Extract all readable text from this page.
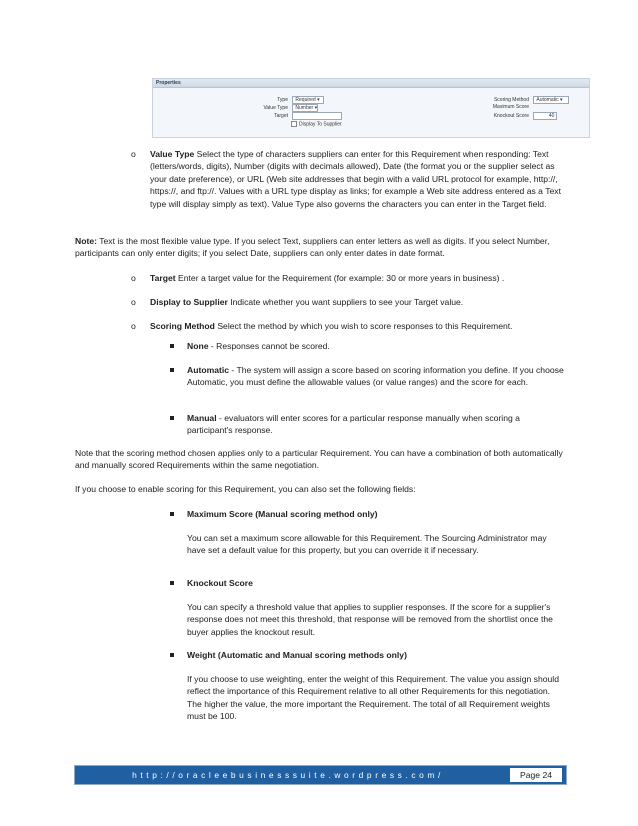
Properties
Type Required ▾
Value Type Number ▾
Target
Display To Supplier
Scoring Method Automatic ▾
Maximum Score
Knockout Score	40
o Value Type Select the type of characters suppliers can enter for this Requirement when responding: Text (letters/words, digits), Number (digits with decimals allowed), Date (the format you or the supplier select as your date preference), or URL (Web site addresses that begin with a valid URL protocol for example, http://, https://, and ftp://. Values with a URL type display as links; for example a Web site address entered as a Text type will display simply as text). Value Type also governs the characters you can enter in the Target field.
Note: Text is the most flexible value type. If you select Text, suppliers can enter letters as well as digits. If you select Number, participants can only enter digits; if you select Date, suppliers can only enter dates in date format.
o Target Enter a target value for the Requirement (for example: 30 or more years in business) .
o Display to Supplier Indicate whether you want suppliers to see your Target value.
o Scoring Method Select the method by which you wish to score responses to this Requirement.
None - Responses cannot be scored.
Automatic - The system will assign a score based on scoring information you define. If you choose Automatic, you must define the allowable values (or value ranges) and the score for each.
Manual - evaluators will enter scores for a particular response manually when scoring a participant's response.
Note that the scoring method chosen applies only to a particular Requirement. You can have a combination of both automatically and manually scored Requirements within the same negotiation.
If you choose to enable scoring for this Requirement, you can also set the following fields:
Maximum Score (Manual scoring method only)
You can set a maximum score allowable for this Requirement. The Sourcing Administrator may have set a default value for this property, but you can override it if necessary.
Knockout Score
You can specify a threshold value that applies to supplier responses. If the score for a supplier's response does not meet this threshold, that response will be removed from the shortlist once the buyer applies the knockout result.
Weight (Automatic and Manual scoring methods only)
If you choose to use weighting, enter the weight of this Requirement. The value you assign should reflect the importance of this Requirement relative to all other Requirements for this negotiation. The higher the value, the more important the Requirement. The total of all Requirement weights must be 100.
http://oracleebusinesssuite.wordpress.com/	Page 24
